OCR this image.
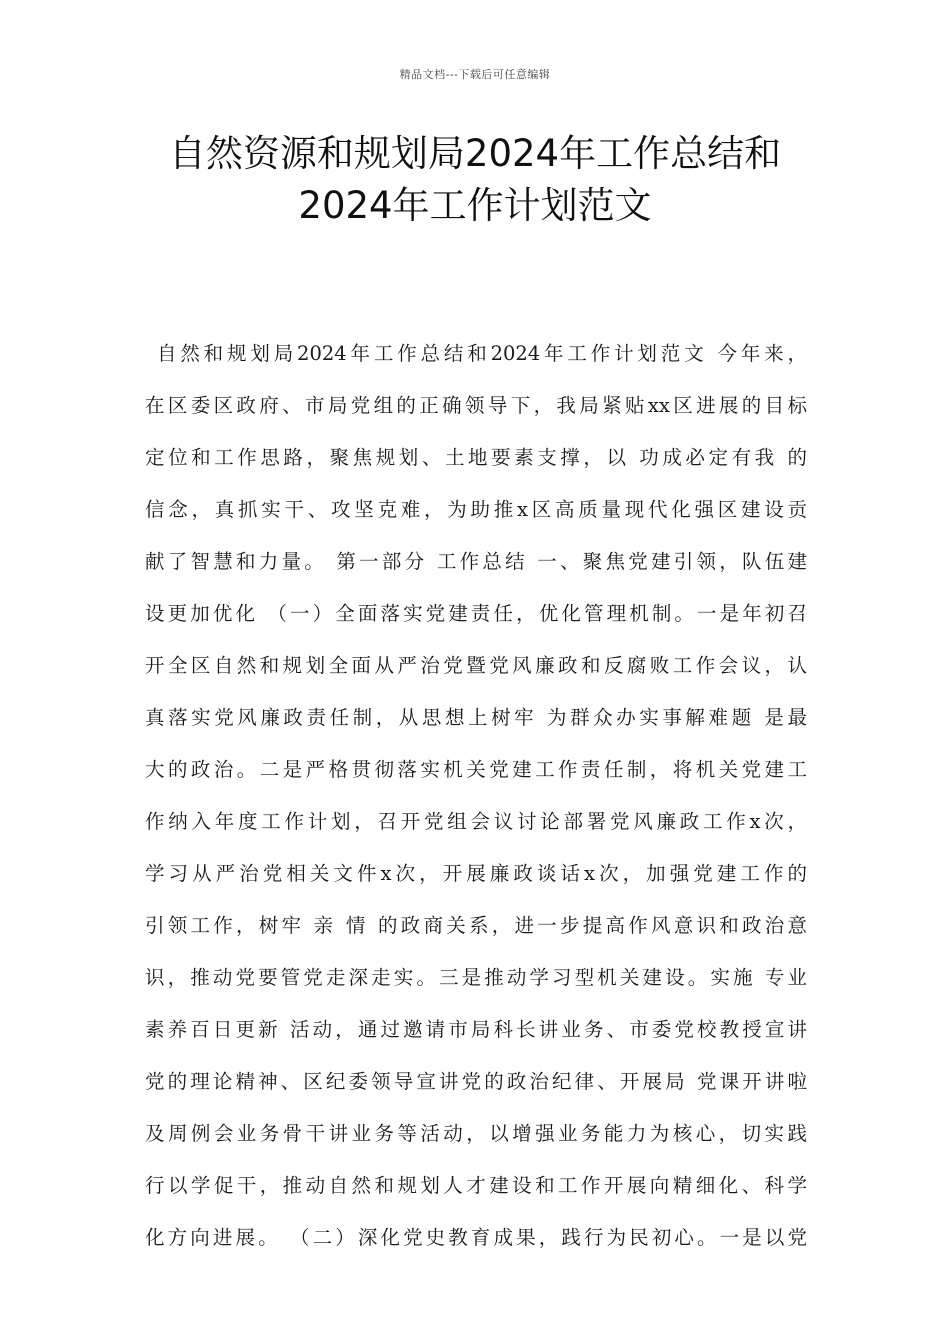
精品文档---下载后可任意编辑
自然资源和规划局2024年工作总结和
2024年工作计划范文
自然和规划局2024年工作总结和2024年工作计划范文 今年来，
在区委区政府、市局党组的正确领导下，我局紧贴xx区进展的目标
定位和工作思路，聚焦规划、土地要素支撑，以 功成必定有我 的
信念，真抓实干、攻坚克难，为助推x区高质量现代化强区建设贡
献了智慧和力量。 第一部分 工作总结 一、聚焦党建引领，队伍建
设更加优化 （一）全面落实党建责任，优化管理机制。一是年初召
开全区自然和规划全面从严治党暨党风廉政和反腐败工作会议，认
真落实党风廉政责任制，从思想上树牢 为群众办实事解难题 是最
大的政治。二是严格贯彻落实机关党建工作责任制，将机关党建工
作纳入年度工作计划，召开党组会议讨论部署党风廉政工作x次，
学习从严治党相关文件x次，开展廉政谈话x次，加强党建工作的
引领工作，树牢 亲 情 的政商关系，进一步提高作风意识和政治意
识，推动党要管党走深走实。三是推动学习型机关建设。实施 专业
素养百日更新 活动，通过邀请市局科长讲业务、市委党校教授宣讲
党的理论精神、区纪委领导宣讲党的政治纪律、开展局 党课开讲啦
及周例会业务骨干讲业务等活动，以增强业务能力为核心，切实践
行以学促干，推动自然和规划人才建设和工作开展向精细化、科学
化方向进展。 （二）深化党史教育成果，践行为民初心。一是以党
